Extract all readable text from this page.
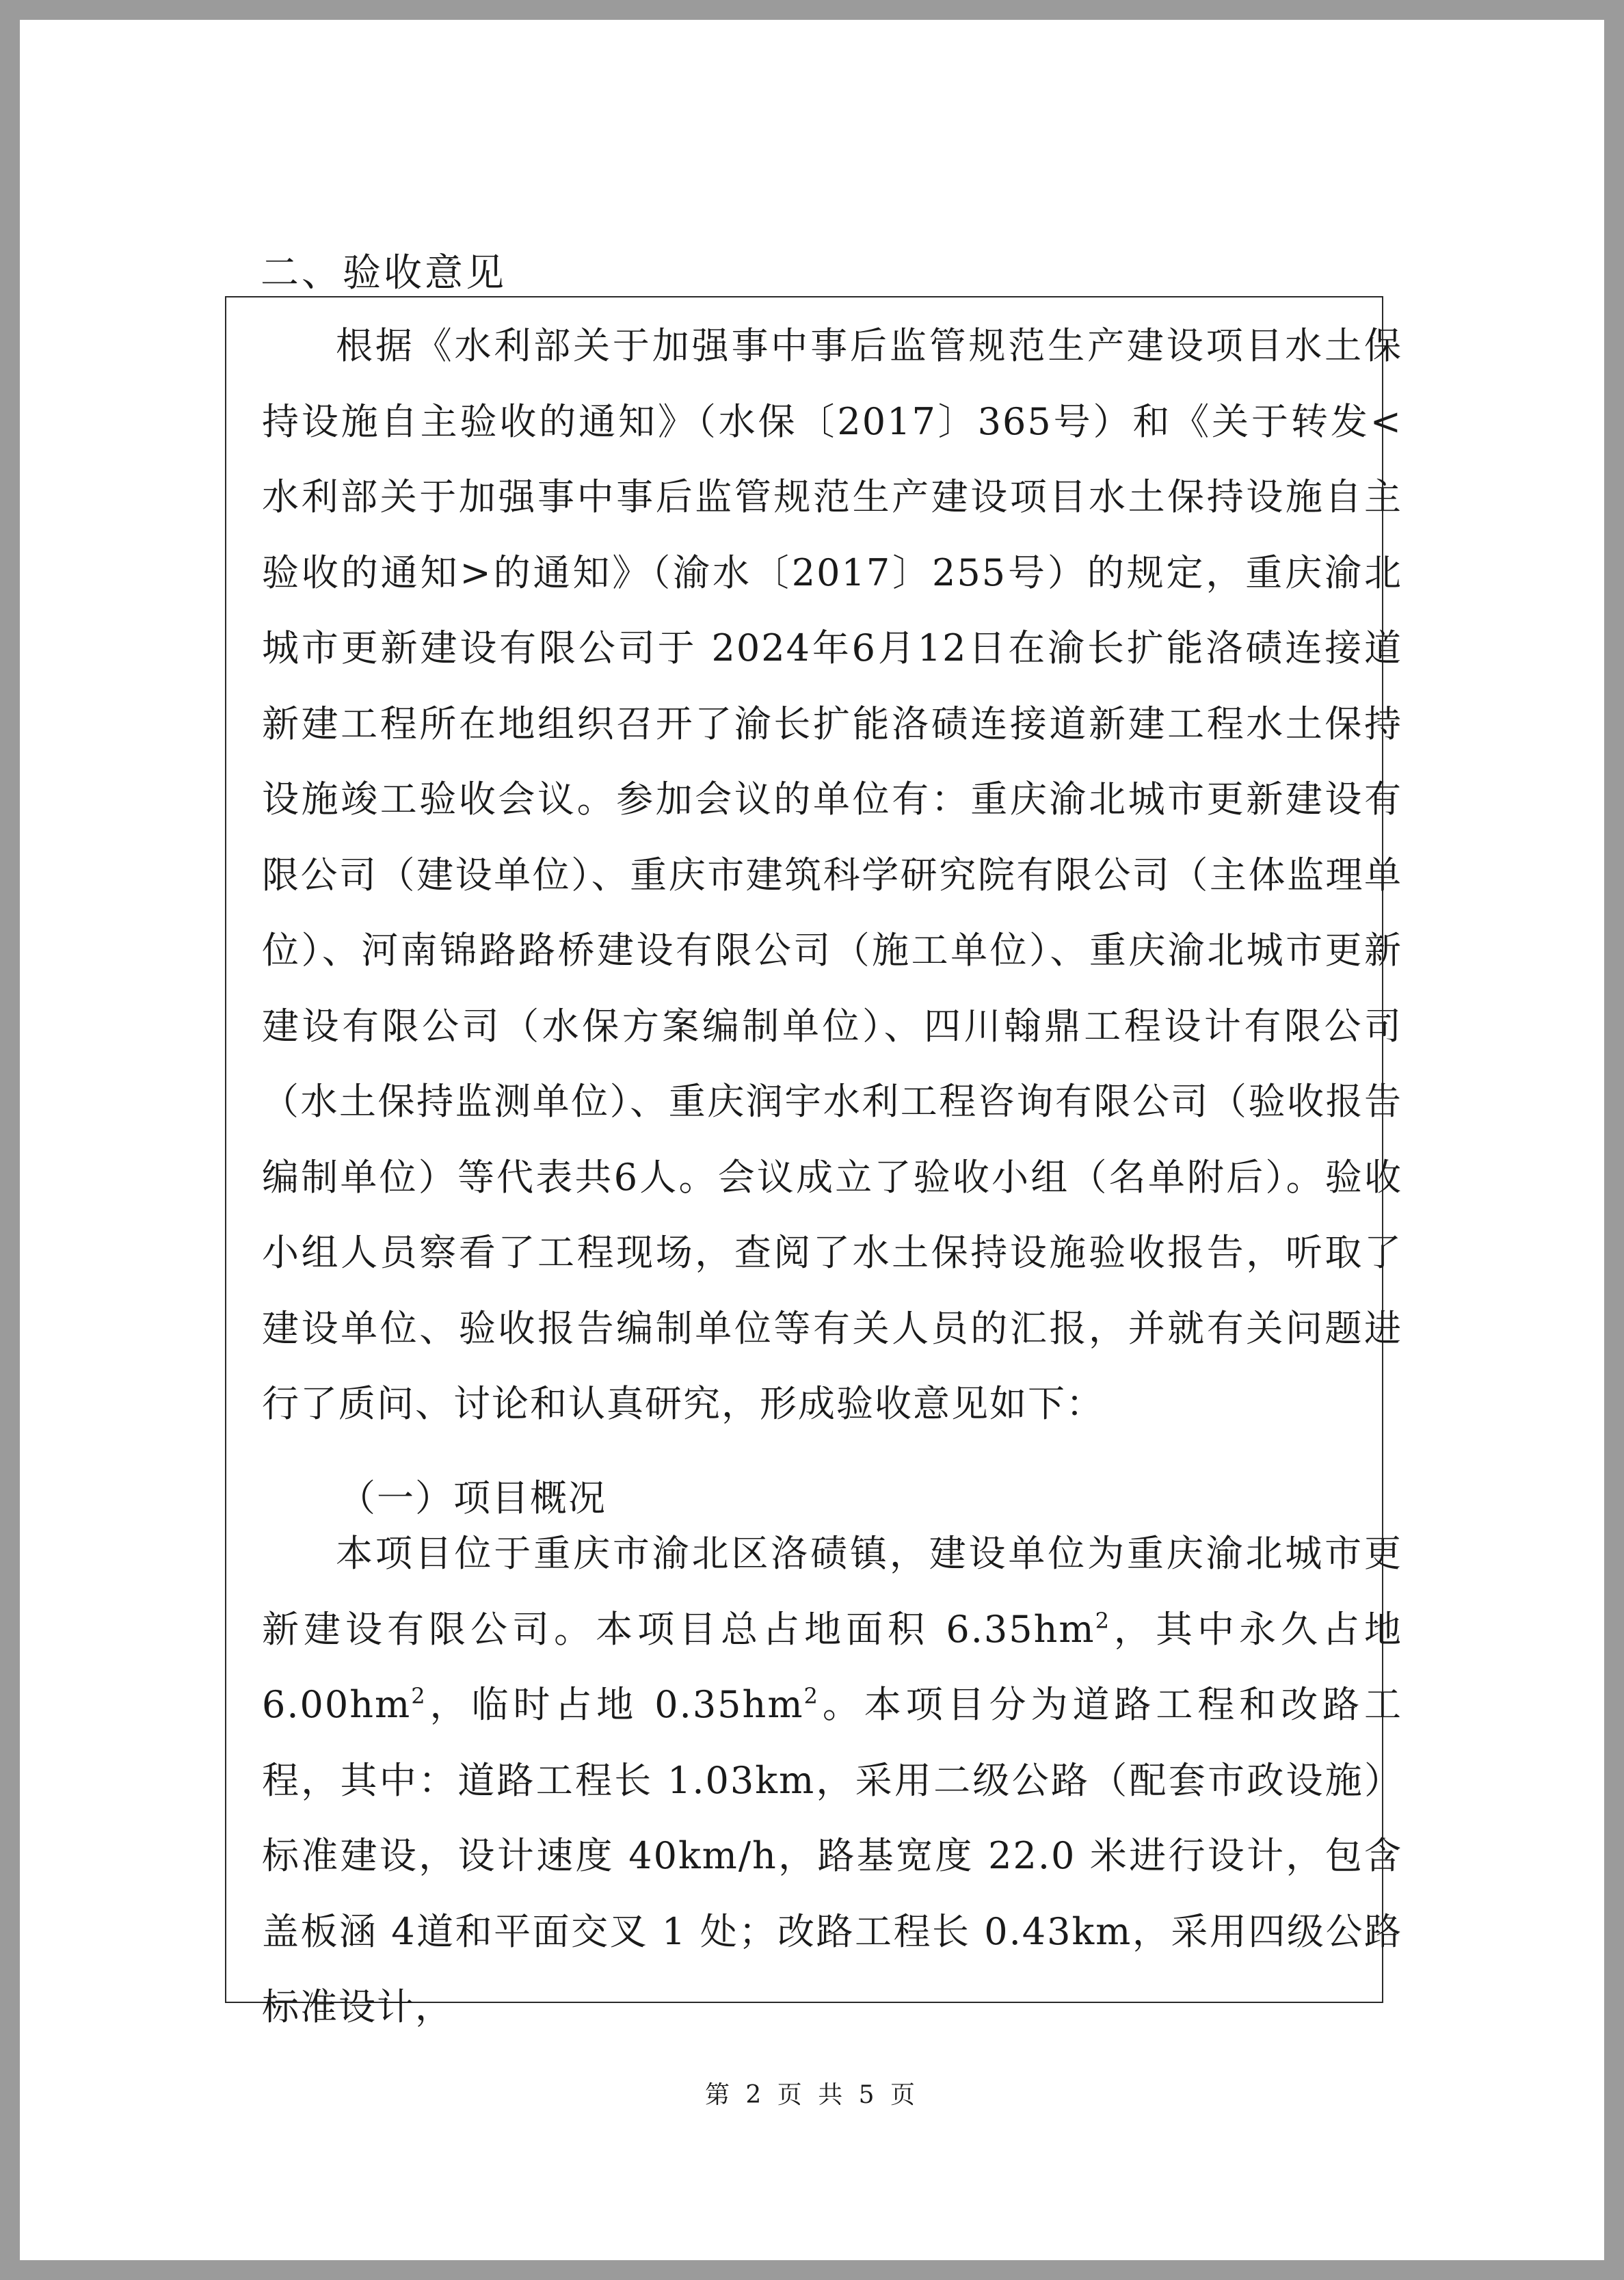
二、验收意见

根据《水利部关于加强事中事后监管规范生产建设项目水土保持设施自主验收的通知》（水保〔2017〕365号）和《关于转发<水利部关于加强事中事后监管规范生产建设项目水土保持设施自主验收的通知>的通知》（渝水〔2017〕255号）的规定，重庆渝北城市更新建设有限公司于 2024年6月12日在渝长扩能洛碛连接道新建工程所在地组织召开了渝长扩能洛碛连接道新建工程水土保持设施竣工验收会议。参加会议的单位有：重庆渝北城市更新建设有限公司（建设单位）、重庆市建筑科学研究院有限公司（主体监理单位）、河南锦路路桥建设有限公司（施工单位）、重庆渝北城市更新建设有限公司（水保方案编制单位）、四川翰鼎工程设计有限公司（水土保持监测单位）、重庆润宇水利工程咨询有限公司（验收报告编制单位）等代表共6人。会议成立了验收小组（名单附后）。验收小组人员察看了工程现场，查阅了水土保持设施验收报告，听取了建设单位、验收报告编制单位等有关人员的汇报，并就有关问题进行了质问、讨论和认真研究，形成验收意见如下：

（一）项目概况

本项目位于重庆市渝北区洛碛镇，建设单位为重庆渝北城市更新建设有限公司。本项目总占地面积 $6.35hm^2$，其中永久占地$6.00hm^2$，临时占地 $0.35hm^2$。本项目分为道路工程和改路工程，其中：道路工程长 1.03km，采用二级公路（配套市政设施）标准建设，设计速度 40km/h，路基宽度 22.0 米进行设计，包含盖板涵 4道和平面交叉 1 处；改路工程长 0.43km，采用四级公路标准设计，

第 2 页 共 5 页
